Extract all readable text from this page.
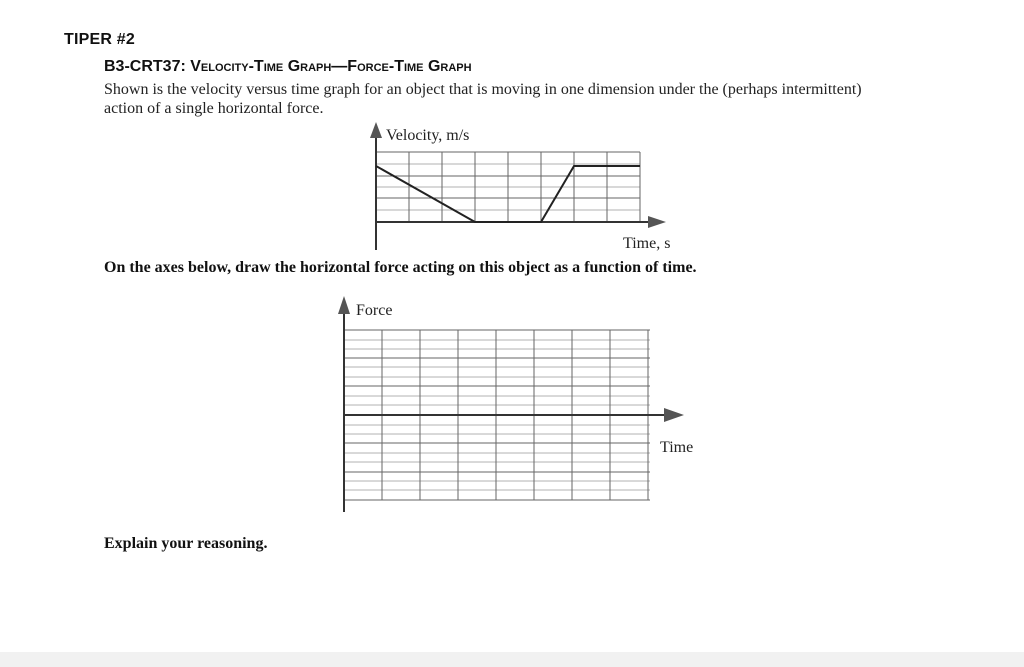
TIPER #2
B3-CRT37: Velocity-Time Graph—Force-Time Graph
Shown is the velocity versus time graph for an object that is moving in one dimension under the (perhaps intermittent) action of a single horizontal force.
Velocity, m/s
Time, s
On the axes below, draw the horizontal force acting on this object as a function of time.
Force
Time
Explain your reasoning.
